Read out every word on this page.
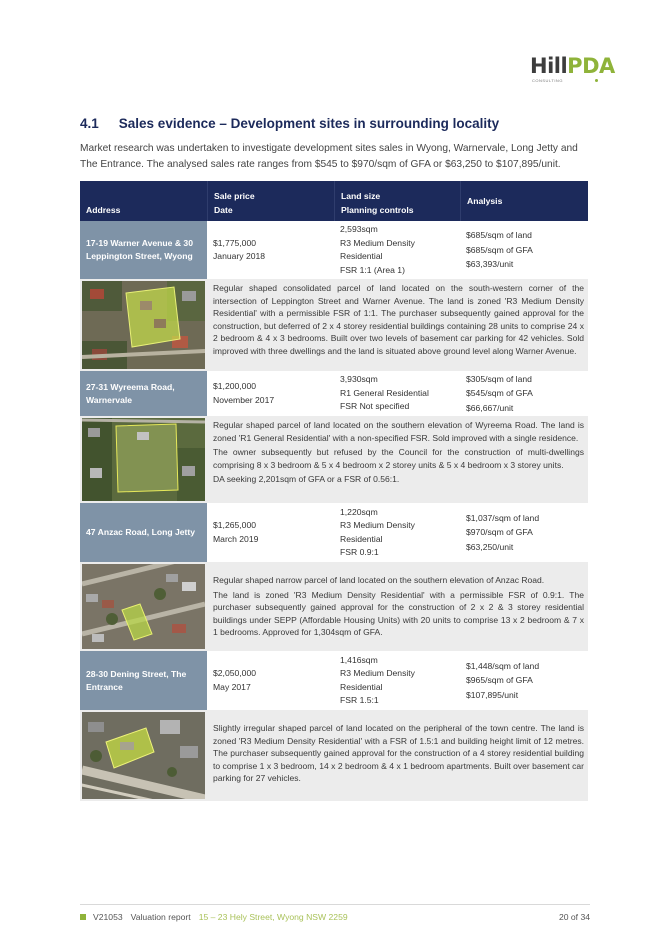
HillPDA
CONSULTING
4.1 Sales evidence – Development sites in surrounding locality

Market research was undertaken to investigate development sites sales in Wyong, Warnervale, Long Jetty and The Entrance. The analysed sales rate ranges from $545 to $970/sqm of GFA or $63,250 to $107,895/unit.

Address
Sale price
Date
Land size
Planning controls
Analysis
17-19 Warner Avenue & 30 Leppington Street, Wyong
$1,775,000
January 2018
2,593sqm
R3 Medium Density Residential
FSR 1:1 (Area 1)
$685/sqm of land
$685/sqm of GFA
$63,393/unit

Regular shaped consolidated parcel of land located on the south-western corner of the intersection of Leppington Street and Warner Avenue. The land is zoned 'R3 Medium Density Residential' with a permissible FSR of 1:1. The purchaser subsequently gained approval for the construction, but deferred of 2 x 4 storey residential buildings containing 28 units to comprise 24 x 2 bedroom & 4 x 3 bedrooms. Built over two levels of basement car parking for 42 vehicles. Sold improved with three dwellings and the land is situated above ground level along Warner Avenue.

27-31 Wyreema Road, Warnervale
$1,200,000
November 2017
3,930sqm
R1 General Residential
FSR Not specified
$305/sqm of land
$545/sqm of GFA
$66,667/unit

Regular shaped parcel of land located on the southern elevation of Wyreema Road. The land is zoned 'R1 General Residential' with a non-specified FSR. Sold improved with a single residence.

The owner subsequently but refused by the Council for the construction of multi-dwellings comprising 8 x 3 bedroom & 5 x 4 bedroom x 2 storey units & 5 x 4 bedroom x 3 storey units.

DA seeking 2,201sqm of GFA or a FSR of 0.56:1.

47 Anzac Road, Long Jetty
$1,265,000
March 2019
1,220sqm
R3 Medium Density Residential
FSR 0.9:1
$1,037/sqm of land
$970/sqm of GFA
$63,250/unit

Regular shaped narrow parcel of land located on the southern elevation of Anzac Road.

The land is zoned 'R3 Medium Density Residential' with a permissible FSR of 0.9:1. The purchaser subsequently gained approval for the construction of 2 x 2 & 3 storey residential buildings under SEPP (Affordable Housing Units) with 20 units to comprise 13 x 2 bedroom & 7 x 1 bedrooms. Approved for 1,304sqm of GFA.

28-30 Dening Street, The Entrance
$2,050,000
May 2017
1,416sqm
R3 Medium Density Residential
FSR 1.5:1
$1,448/sqm of land
$965/sqm of GFA
$107,895/unit

Slightly irregular shaped parcel of land located on the peripheral of the town centre. The land is zoned 'R3 Medium Density Residential' with a FSR of 1.5:1 and building height limit of 12 metres. The purchaser subsequently gained approval for the construction of a 4 storey residential building to comprise 1 x 3 bedroom, 14 x 2 bedroom & 4 x 1 bedroom apartments. Built over basement car parking for 27 vehicles.

V21053 Valuation report 15 – 23 Hely Street, Wyong NSW 2259	20 of 34
